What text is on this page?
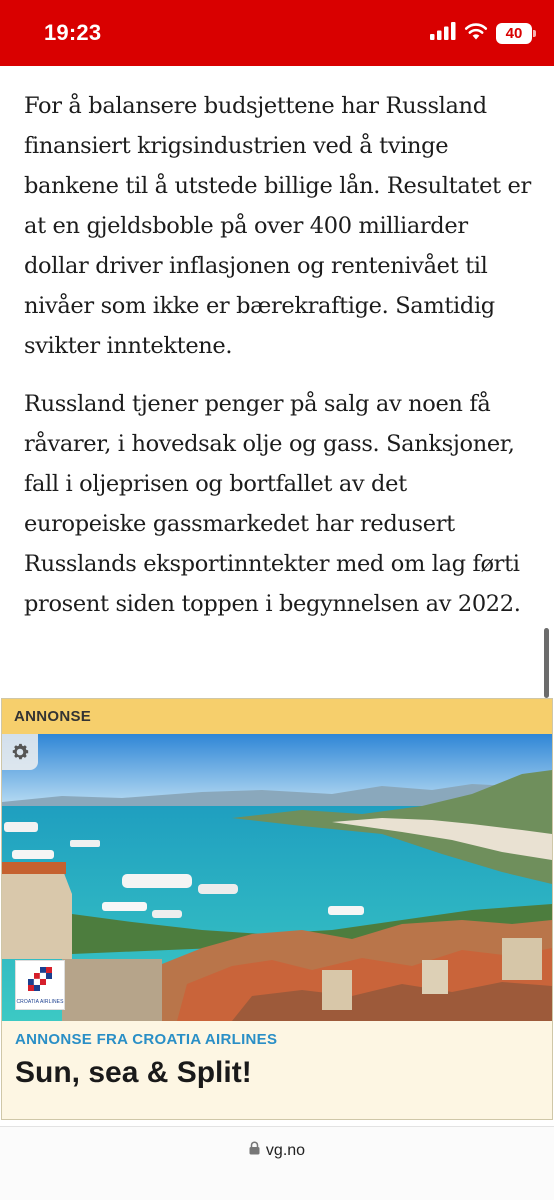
19:23	40

For å balansere budsjettene har Russland finansiert krigsindustrien ved å tvinge bankene til å utstede billige lån. Resultatet er at en gjeldsboble på over 400 milliarder dollar driver inflasjonen og rentenivået til nivåer som ikke er bærekraftige. Samtidig svikter inntektene.

Russland tjener penger på salg av noen få råvarer, i hovedsak olje og gass. Sanksjoner, fall i oljeprisen og bortfallet av det europeiske gassmarkedet har redusert Russlands eksportinntekter med om lag førti prosent siden toppen i begynnelsen av 2022.

ANNONSE
CROATIA AIRLINES
ANNONSE FRA CROATIA AIRLINES
Sun, sea & Split!
vg.no
